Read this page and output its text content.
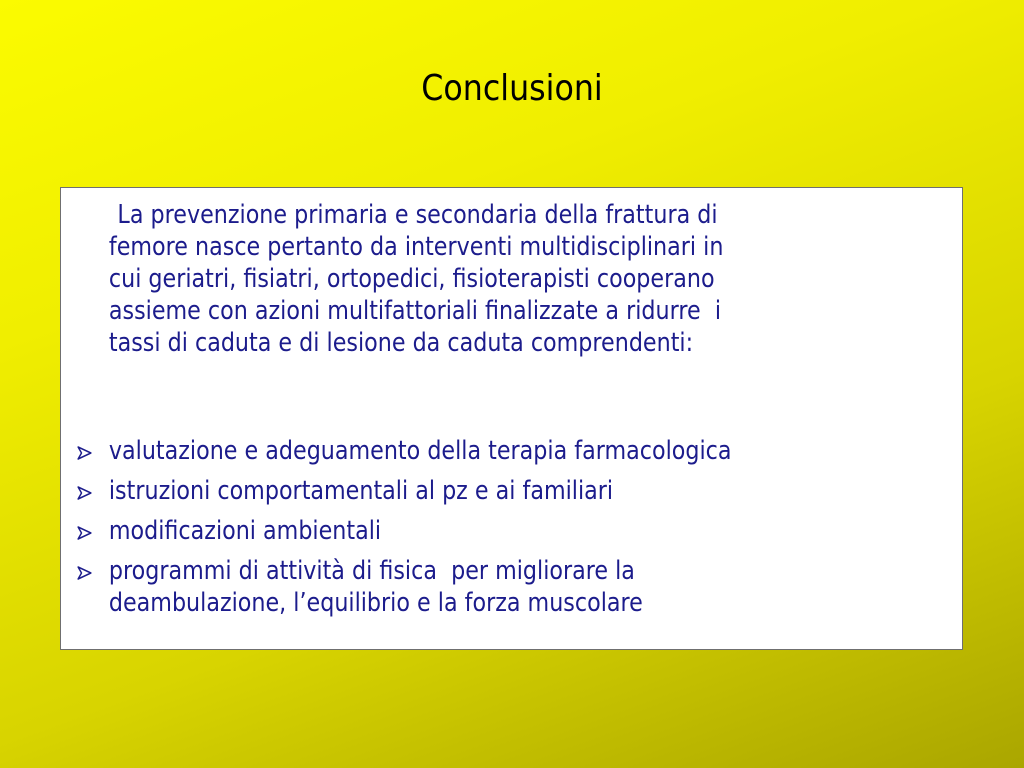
Conclusioni
La prevenzione primaria e secondaria della frattura di
femore nasce pertanto da interventi multidisciplinari in
cui geriatri, fisiatri, ortopedici, fisioterapisti cooperano
assieme con azioni multifattoriali finalizzate a ridurre  i
tassi di caduta e di lesione da caduta comprendenti:
valutazione e adeguamento della terapia farmacologica
istruzioni comportamentali al pz e ai familiari
modificazioni ambientali
programmi di attività di fisica  per migliorare la
deambulazione, l’equilibrio e la forza muscolare
